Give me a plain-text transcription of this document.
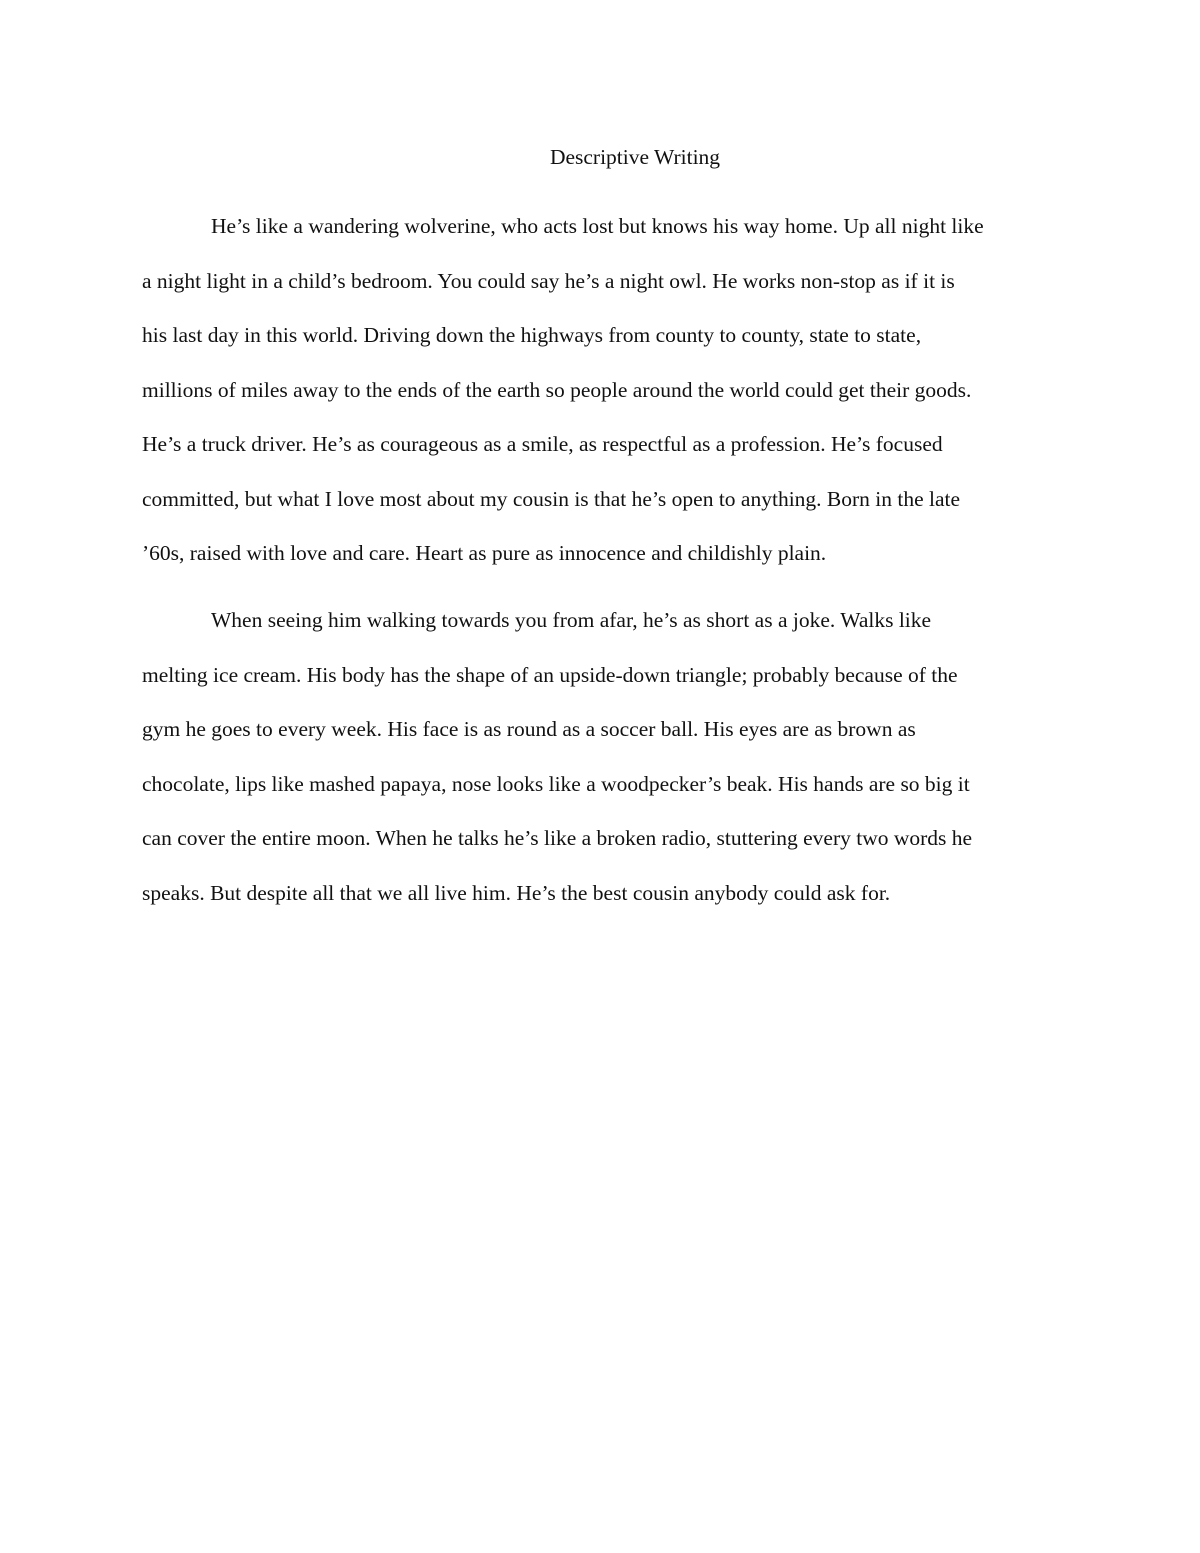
Descriptive Writing
He’s like a wandering wolverine, who acts lost but knows his way home. Up all night like
a night light in a child’s bedroom. You could say he’s a night owl. He works non-stop as if it is
his last day in this world. Driving down the highways from county to county, state to state,
millions of miles away to the ends of the earth so people around the world could get their goods.
He’s a truck driver. He’s as courageous as a smile, as respectful as a profession. He’s focused
committed, but what I love most about my cousin is that he’s open to anything. Born in the late
’60s, raised with love and care. Heart as pure as innocence and childishly plain.
When seeing him walking towards you from afar, he’s as short as a joke. Walks like
melting ice cream. His body has the shape of an upside-down triangle; probably because of the
gym he goes to every week. His face is as round as a soccer ball. His eyes are as brown as
chocolate, lips like mashed papaya, nose looks like a woodpecker’s beak. His hands are so big it
can cover the entire moon. When he talks he’s like a broken radio, stuttering every two words he
speaks. But despite all that we all live him. He’s the best cousin anybody could ask for.
